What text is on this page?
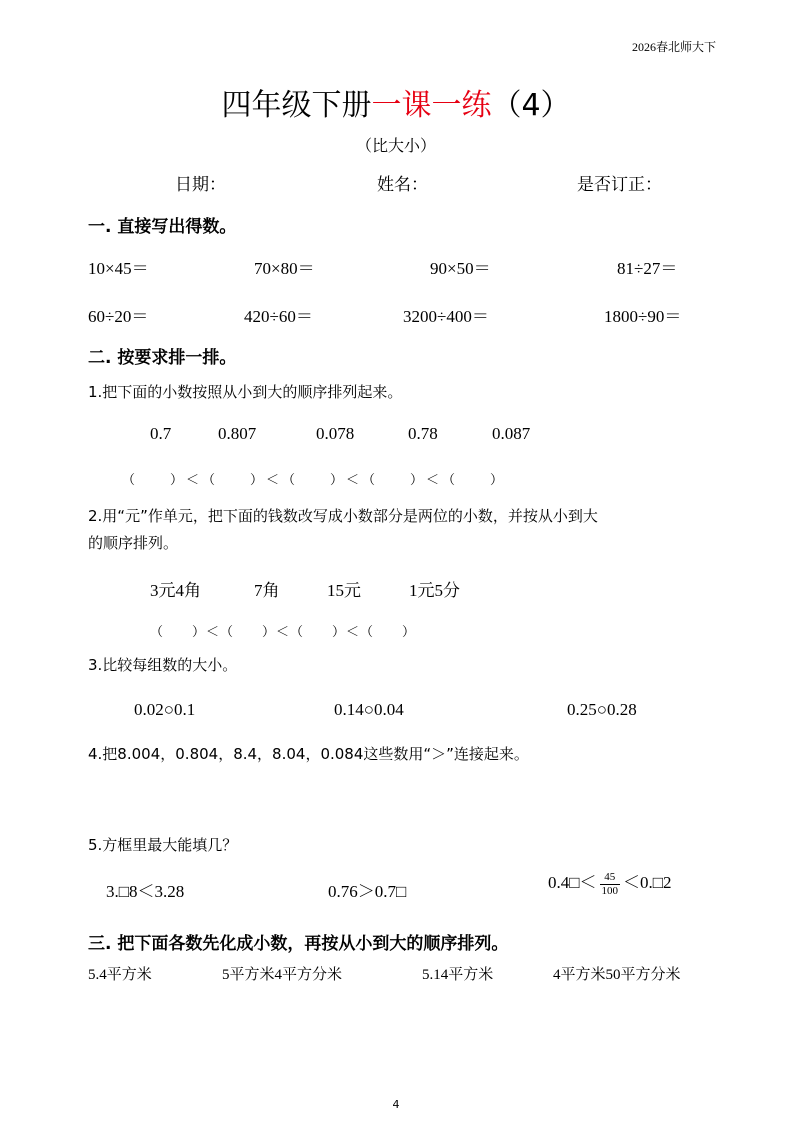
2026春北师大下
四年级下册一课一练（4）
（比大小）
日期：	姓名：	是否订正：
一. 直接写出得数。
10×45＝	70×80＝	90×50＝	81÷27＝
60÷20＝	420÷60＝	3200÷400＝	1800÷90＝
二. 按要求排一排。
1.把下面的小数按照从小到大的顺序排列起来。
0.7	0.807	0.078	0.78	0.087
（　　）＜（　　）＜（　　）＜（　　）＜（　　）
2.用“元”作单元，把下面的钱数改写成小数部分是两位的小数，并按从小到大
的顺序排列。
3元4角	7角	15元	1元5分
（　　）＜（　　）＜（　　）＜（　　）
3.比较每组数的大小。
0.02○0.1	0.14○0.04	0.25○0.28
4.把8.004，0.804，8.4，8.04，0.084这些数用“＞”连接起来。
5.方框里最大能填几？
3.□8＜3.28	0.76＞0.7□	0.4□＜ $\frac{45}{100}$ ＜0.□2
三. 把下面各数先化成小数，再按从小到大的顺序排列。
5.4平方米	5平方米4平方分米	5.14平方米	4平方米50平方分米
4
